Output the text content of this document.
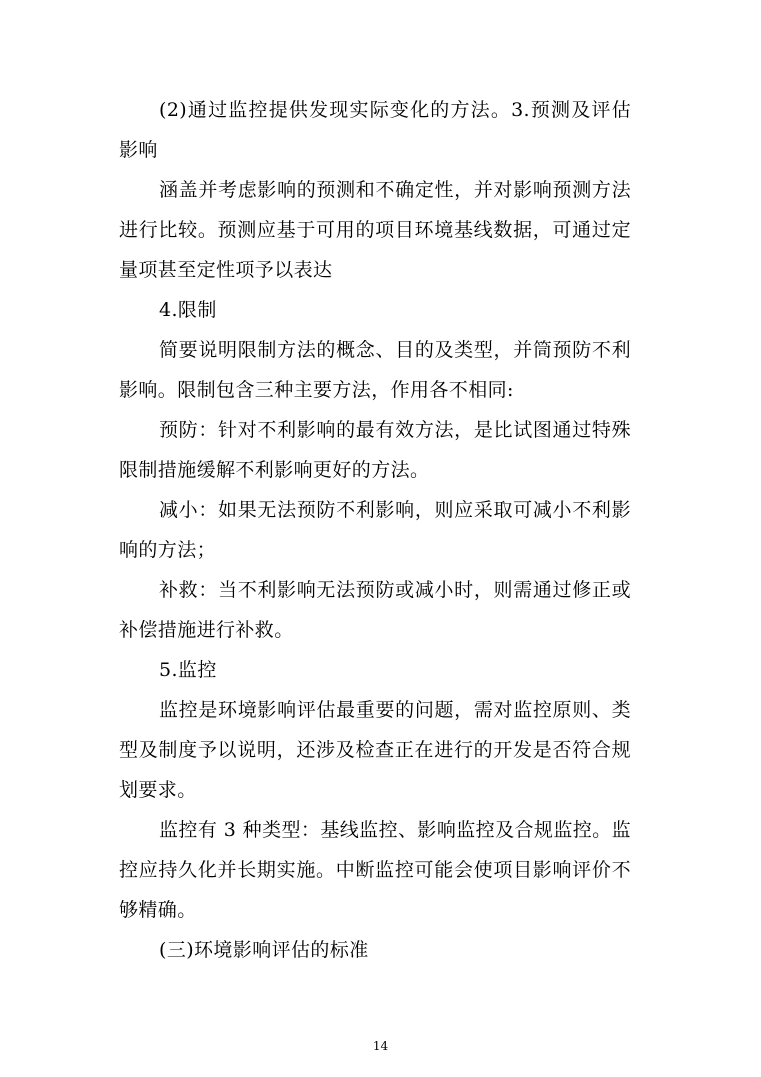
(2)通过监控提供发现实际变化的方法。3.预测及评估影响

涵盖并考虑影响的预测和不确定性，并对影响预测方法进行比较。预测应基于可用的项目环境基线数据，可通过定量项甚至定性项予以表达

4.限制

简要说明限制方法的概念、目的及类型，并筒预防不利影响。限制包含三种主要方法，作用各不相同:

预防：针对不利影响的最有效方法，是比试图通过特殊限制措施缓解不利影响更好的方法。

减小：如果无法预防不利影响，则应采取可减小不利影响的方法；

补救：当不利影响无法预防或减小时，则需通过修正或补偿措施进行补救。

5.监控

监控是环境影响评估最重要的问题，需对监控原则、类型及制度予以说明，还涉及检查正在进行的开发是否符合规划要求。

监控有 3 种类型：基线监控、影响监控及合规监控。监控应持久化并长期实施。中断监控可能会使项目影响评价不够精确。

(三)环境影响评估的标准

14
